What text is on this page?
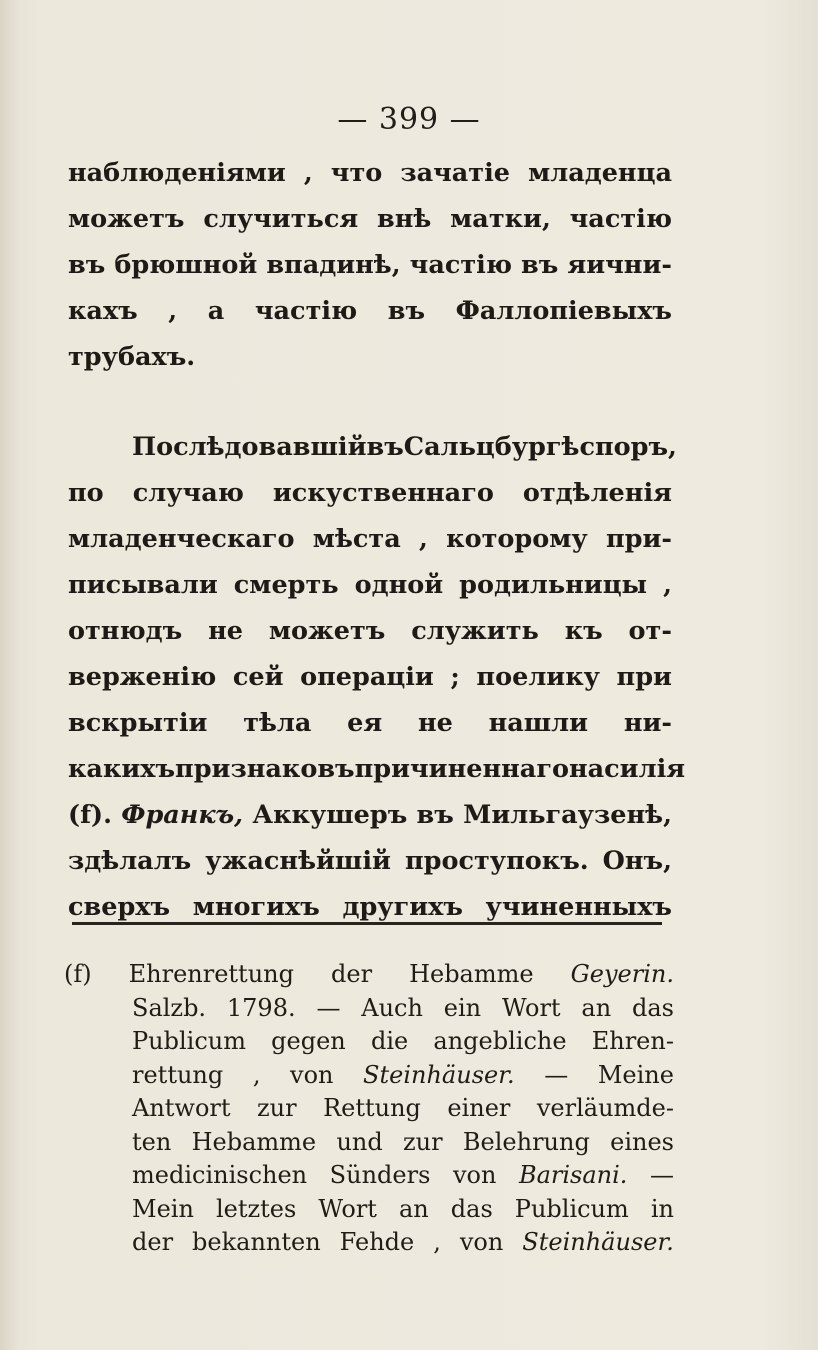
— 399 —
наблюденiями , что зачатiе младенца
можетъ случиться внѣ матки, частiю
въ брюшной впадинѣ, частiю въ яични-
кахъ , а частiю въ Фаллопiевыхъ
трубахъ.
Послѣдовавшiй въ Сальцбургѣ споръ,
по случаю искуственнаго отдѣленiя
младенческаго мѣста , которому при-
писывали смерть одной родильницы ,
отнюдъ не можетъ служить къ от-
верженiю сей операцiи ; поелику при
вскрытiи тѣла ея не нашли ни-
какихъ признаковъ причиненнаго насилiя
(f). Франкъ, Аккушеръ въ Мильгаузенѣ,
здѣлалъ ужаснѣйшiй проступокъ. Онъ,
сверхъ многихъ другихъ учиненныхъ
(f) Ehrenrettung der Hebamme Geyerin.
Salzb. 1798. — Auch ein Wort an das
Publicum gegen die angebliche Ehren-
rettung , von Steinhäuser. — Meine
Antwort zur Rettung einer verläumde-
ten Hebamme und zur Belehrung eines
medicinischen Sünders von Barisani. —
Mein letztes Wort an das Publicum in
der bekannten Fehde , von Steinhäuser.
